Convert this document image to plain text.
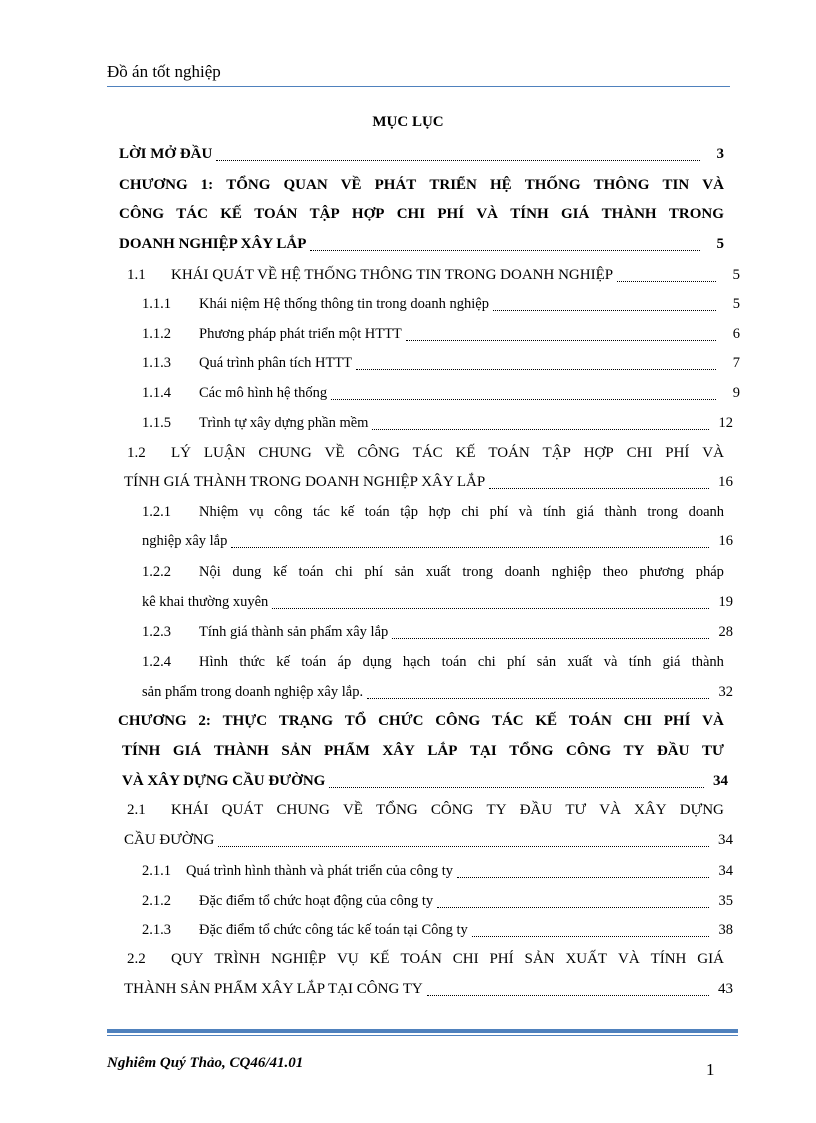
Đồ án tốt nghiệp
MỤC LỤC
LỜI MỞ ĐẦU	3
CHƯƠNG 1: TỔNG QUAN VỀ PHÁT TRIỂN HỆ THỐNG THÔNG TIN VÀ
CÔNG TÁC KẾ TOÁN TẬP HỢP CHI PHÍ VÀ TÍNH GIÁ THÀNH TRONG
DOANH NGHIỆP XÂY LẮP	5
1.1	KHÁI QUÁT VỀ HỆ THỐNG THÔNG TIN TRONG DOANH NGHIỆP	5
1.1.1	Khái niệm Hệ thống thông tin trong doanh nghiệp	5
1.1.2	Phương pháp phát triển một HTTT	6
1.1.3	Quá trình phân tích HTTT	7
1.1.4	Các mô hình hệ thống	9
1.1.5	Trình tự xây dựng phần mềm	12
1.2	LÝ LUẬN CHUNG VỀ CÔNG TÁC KẾ TOÁN TẬP HỢP CHI PHÍ VÀ
TÍNH GIÁ THÀNH TRONG DOANH NGHIỆP XÂY LẮP	16
1.2.1	Nhiệm vụ công tác kế toán tập hợp chi phí và tính giá thành trong doanh
nghiệp xây lắp	16
1.2.2	Nội dung kế toán chi phí sản xuất trong doanh nghiệp theo phương pháp
kê khai thường xuyên	19
1.2.3	Tính giá thành sản phẩm xây lắp	28
1.2.4	Hình thức kế toán áp dụng hạch toán chi phí sản xuất và tính giá thành
sản phẩm trong doanh nghiệp xây lắp.	32
CHƯƠNG 2: THỰC TRẠNG TỔ CHỨC CÔNG TÁC KẾ TOÁN CHI PHÍ VÀ
TÍNH GIÁ THÀNH SẢN PHẨM XÂY LẮP TẠI TỔNG CÔNG TY ĐẦU TƯ
VÀ XÂY DỰNG CẦU ĐƯỜNG	34
2.1	KHÁI QUÁT CHUNG VỀ TỔNG CÔNG TY ĐẦU TƯ VÀ XÂY DỰNG
CẦU ĐƯỜNG	34
2.1.1	Quá trình hình thành và phát triển của công ty	34
2.1.2	Đặc điểm tổ chức hoạt động của công ty	35
2.1.3	Đặc điểm tổ chức công tác kế toán tại Công ty	38
2.2	QUY TRÌNH NGHIỆP VỤ KẾ TOÁN CHI PHÍ SẢN XUẤT VÀ TÍNH GIÁ
THÀNH SẢN PHẨM XÂY LẮP TẠI CÔNG TY	43
Nghiêm Quý Thảo, CQ46/41.01	1
